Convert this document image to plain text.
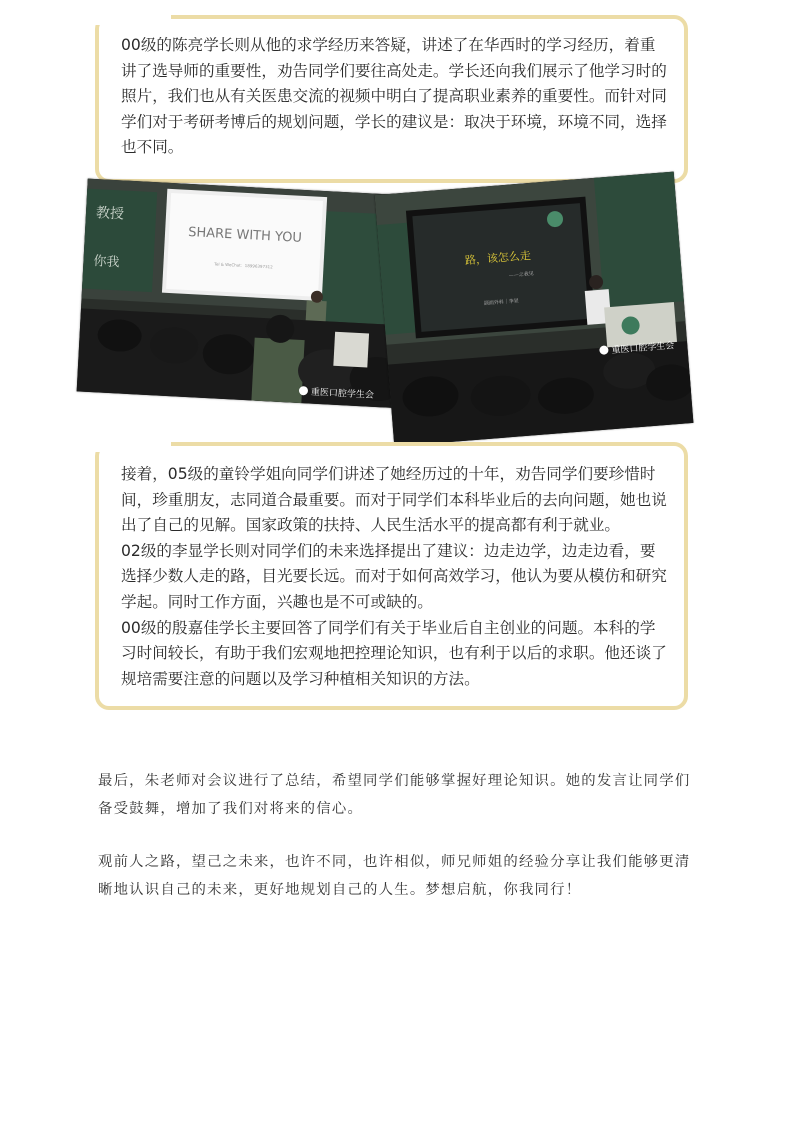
00级的陈亮学长则从他的求学经历来答疑，讲述了在华西时的学习经历，着重讲了选导师的重要性，劝告同学们要往高处走。学长还向我们展示了他学习时的照片，我们也从有关医患交流的视频中明白了提高职业素养的重要性。而针对同学们对于考研考博后的规划问题，学长的建议是：取决于环境，环境不同，选择也不同。

教授
你我
SHARE WITH YOU
Tel & WeChat：18996397312
重医口腔学生会
路，该怎么走
——之我见
颌面外科｜李显
重医口腔学生会

接着，05级的童铃学姐向同学们讲述了她经历过的十年，劝告同学们要珍惜时间，珍重朋友，志同道合最重要。而对于同学们本科毕业后的去向问题，她也说出了自己的见解。国家政策的扶持、人民生活水平的提高都有利于就业。
02级的李显学长则对同学们的未来选择提出了建议：边走边学，边走边看，要选择少数人走的路，目光要长远。而对于如何高效学习，他认为要从模仿和研究学起。同时工作方面，兴趣也是不可或缺的。
00级的殷嘉佳学长主要回答了同学们有关于毕业后自主创业的问题。本科的学习时间较长，有助于我们宏观地把控理论知识，也有利于以后的求职。他还谈了规培需要注意的问题以及学习种植相关知识的方法。

最后，朱老师对会议进行了总结，希望同学们能够掌握好理论知识。她的发言让同学们备受鼓舞，增加了我们对将来的信心。

观前人之路，望己之未来，也许不同，也许相似，师兄师姐的经验分享让我们能够更清晰地认识自己的未来，更好地规划自己的人生。梦想启航，你我同行！
